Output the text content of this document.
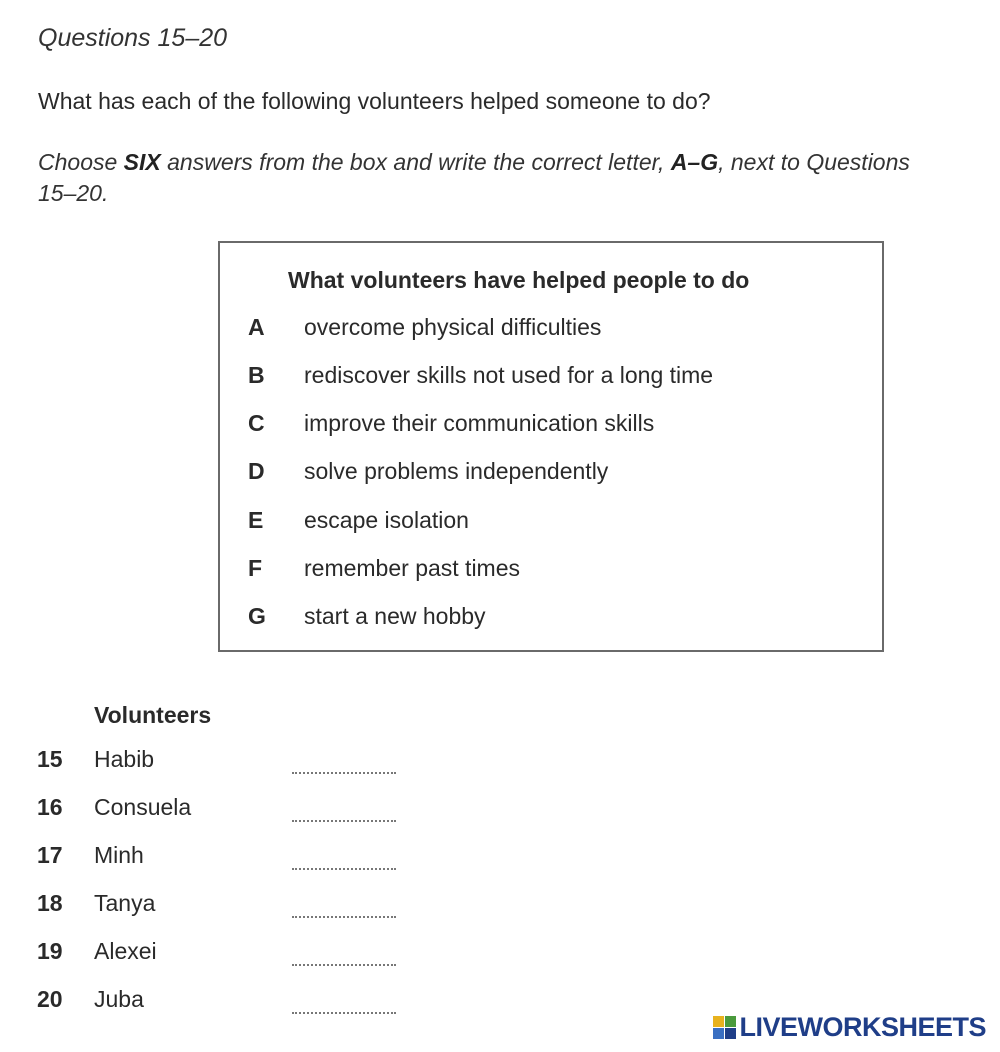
Questions 15–20
What has each of the following volunteers helped someone to do?
Choose SIX answers from the box and write the correct letter, A–G, next to Questions 15–20.
What volunteers have helped people to do
A overcome physical difficulties
B rediscover skills not used for a long time
C improve their communication skills
D solve problems independently
E escape isolation
F remember past times
G start a new hobby
Volunteers
15 Habib
16 Consuela
17 Minh
18 Tanya
19 Alexei
20 Juba
LIVEWORKSHEETS
